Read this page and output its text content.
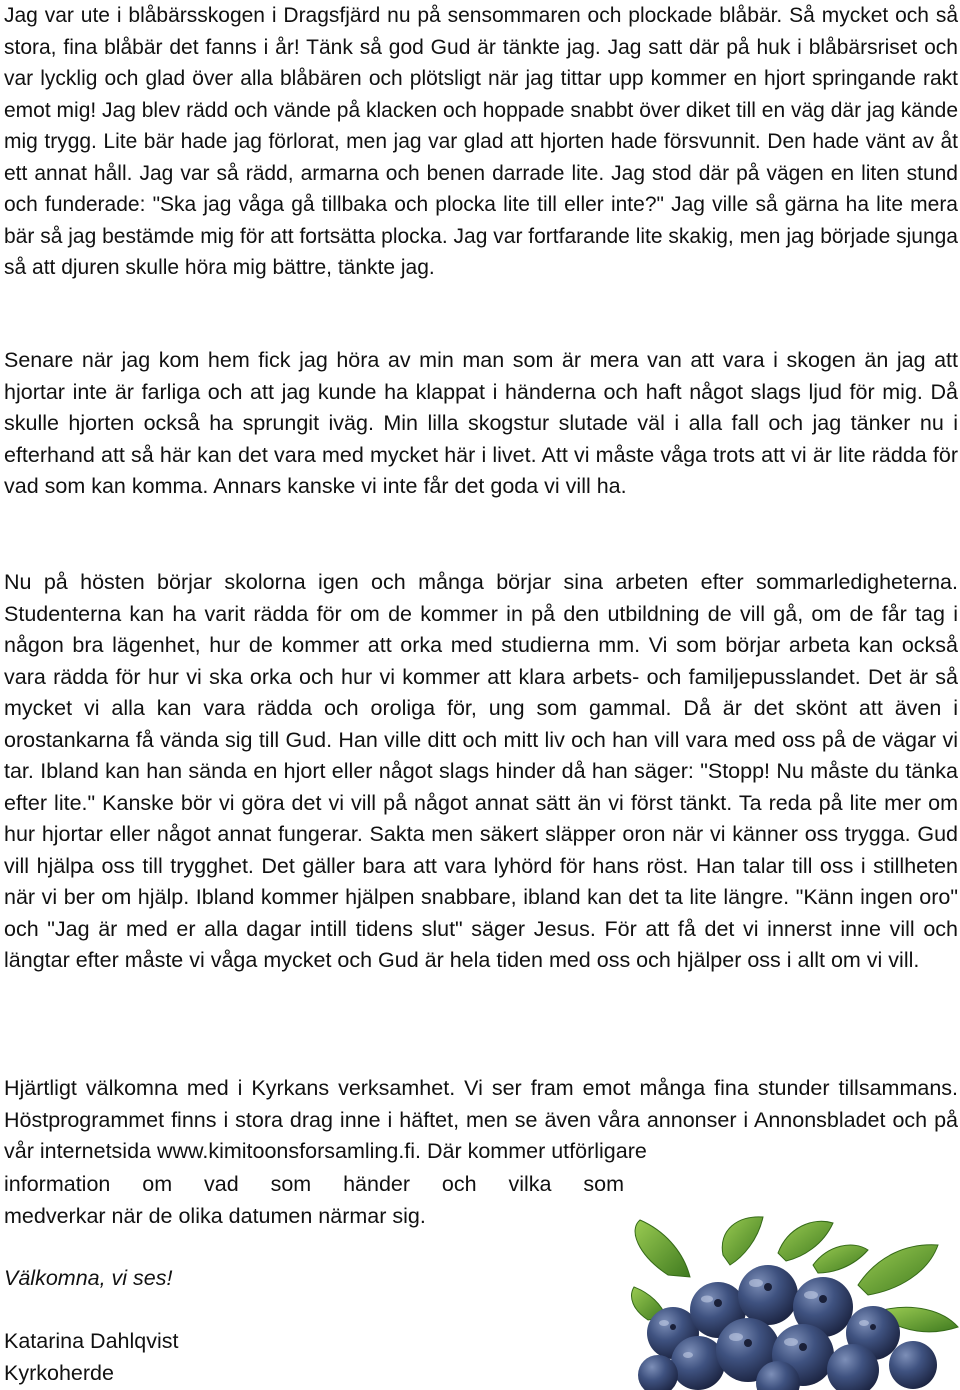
Jag var ute i blåbärsskogen i Dragsfjärd nu på sensommaren och plockade blåbär. Så mycket och så stora, fina blåbär det fanns i år! Tänk så god Gud är tänkte jag. Jag satt där på huk i blåbärsriset och var lycklig och glad över alla blåbären och plötsligt när jag tittar upp kommer en hjort springande rakt emot mig! Jag blev rädd och vände på klacken och hoppade snabbt över diket till en väg där jag kände mig trygg. Lite bär hade jag förlorat, men jag var glad att hjorten hade försvunnit. Den hade vänt av åt ett annat håll. Jag var så rädd, armarna och benen darrade lite. Jag stod där på vägen en liten stund och funderade: "Ska jag våga gå tillbaka och plocka lite till eller inte?" Jag ville så gärna ha lite mera bär så jag bestämde mig för att fortsätta plocka. Jag var fortfarande lite skakig, men jag började sjunga så att djuren skulle höra mig bättre, tänkte jag.

Senare när jag kom hem fick jag höra av min man som är mera van att vara i skogen än jag att hjortar inte är farliga och att jag kunde ha klappat i händerna och haft något slags ljud för mig. Då skulle hjorten också ha sprungit iväg. Min lilla skogstur slutade väl i alla fall och jag tänker nu i efterhand att så här kan det vara med mycket här i livet. Att vi måste våga trots att vi är lite rädda för vad som kan komma. Annars kanske vi inte får det goda vi vill ha.

Nu på hösten börjar skolorna igen och många börjar sina arbeten efter sommarledigheterna. Studenterna kan ha varit rädda för om de kommer in på den utbildning de vill gå, om de får tag i någon bra lägenhet, hur de kommer att orka med studierna mm. Vi som börjar arbeta kan också vara rädda för hur vi ska orka och hur vi kommer att klara arbets- och familjepusslandet. Det är så mycket vi alla kan vara rädda och oroliga för, ung som gammal. Då är det skönt att även i orostankarna få vända sig till Gud. Han ville ditt och mitt liv och han vill vara med oss på de vägar vi tar. Ibland kan han sända en hjort eller något slags hinder då han säger: "Stopp! Nu måste du tänka efter lite." Kanske bör vi göra det vi vill på något annat sätt än vi först tänkt. Ta reda på lite mer om hur hjortar eller något annat fungerar. Sakta men säkert släpper oron när vi känner oss trygga. Gud vill hjälpa oss till trygghet. Det gäller bara att vara lyhörd för hans röst. Han talar till oss i stillheten när vi ber om hjälp. Ibland kommer hjälpen snabbare, ibland kan det ta lite längre. "Känn ingen oro" och "Jag är med er alla dagar intill tidens slut" säger Jesus. För att få det vi innerst inne vill och längtar efter måste vi våga mycket och Gud är hela tiden med oss och hjälper oss i allt om vi vill.

Hjärtligt välkomna med i Kyrkans verksamhet. Vi ser fram emot många fina stunder tillsammans. Höstprogrammet finns i stora drag inne i häftet, men se även våra annonser i Annonsbladet och på vår internetsida www.kimitoonsforsamling.fi. Där kommer utförligare

information om vad som händer och vilka som

medverkar när de olika datumen närmar sig.

Välkomna, vi ses!

Katarina Dahlqvist
Kyrkoherde
